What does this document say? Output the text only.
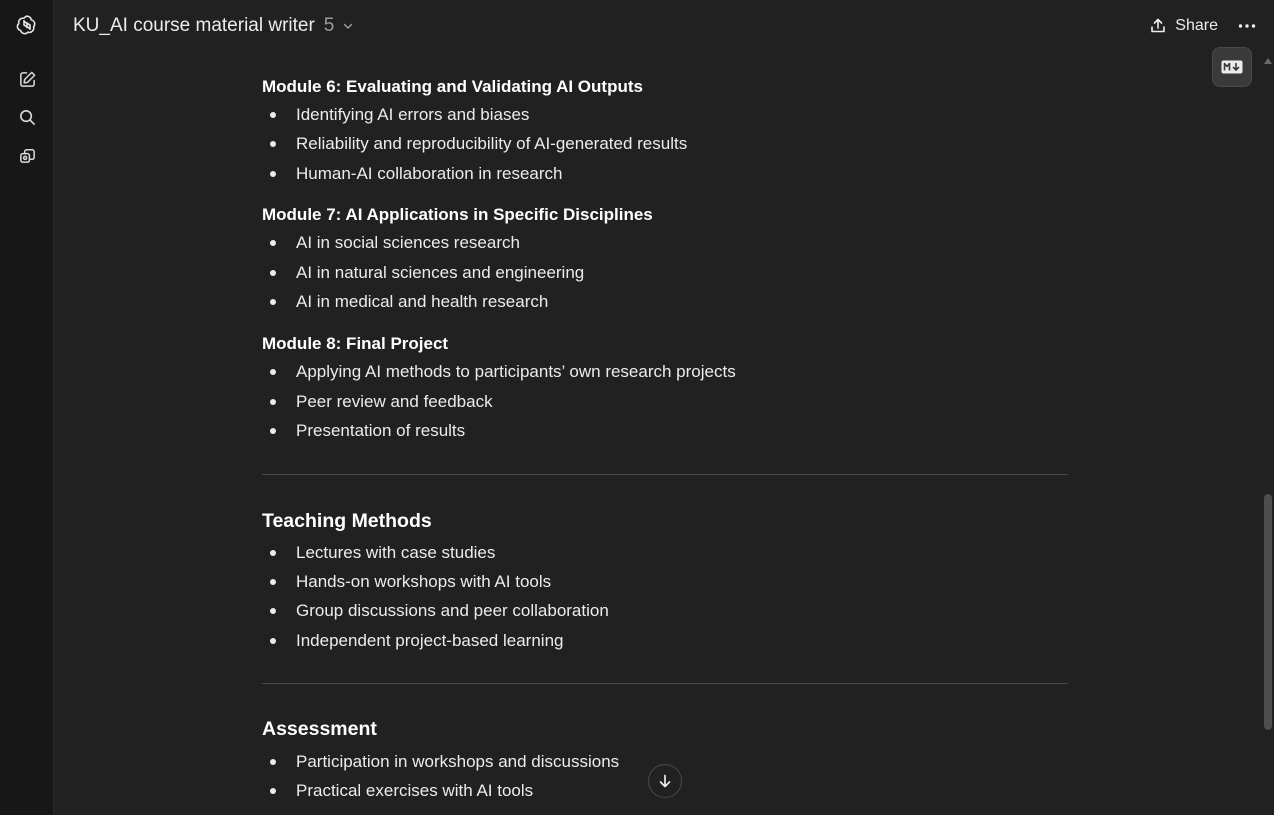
KU_AI course material writer 5	Share
Module 6: Evaluating and Validating AI Outputs
Identifying AI errors and biases
Reliability and reproducibility of AI-generated results
Human-AI collaboration in research
Module 7: AI Applications in Specific Disciplines
AI in social sciences research
AI in natural sciences and engineering
AI in medical and health research
Module 8: Final Project
Applying AI methods to participants’ own research projects
Peer review and feedback
Presentation of results
Teaching Methods
Lectures with case studies
Hands-on workshops with AI tools
Group discussions and peer collaboration
Independent project-based learning
Assessment
Participation in workshops and discussions
Practical exercises with AI tools
